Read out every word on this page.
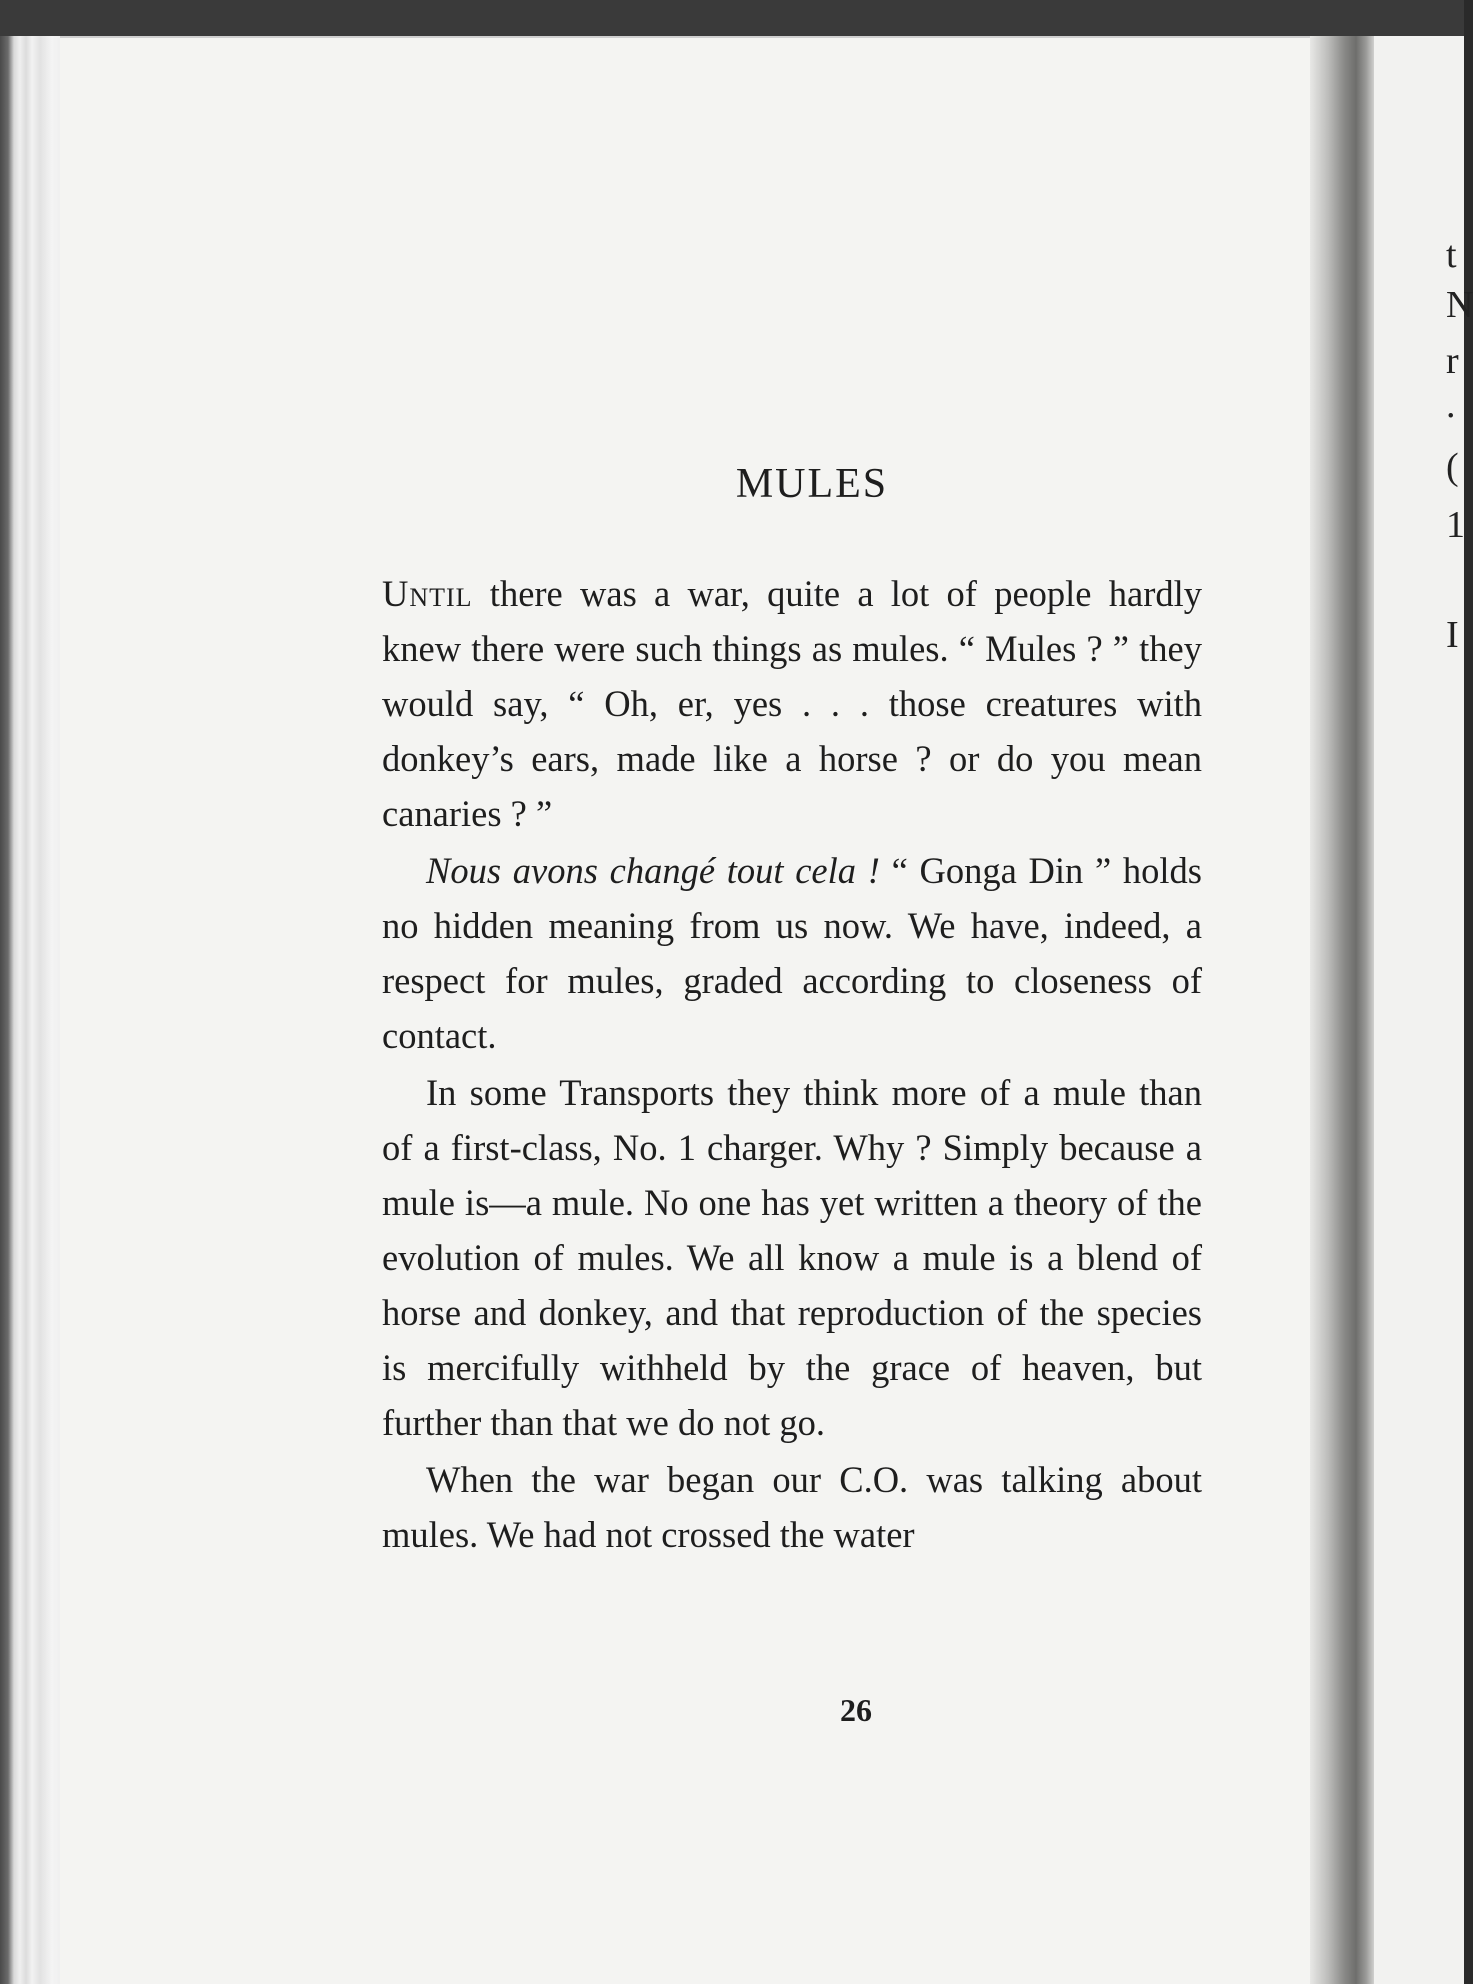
MULES

Until there was a war, quite a lot of people hardly knew there were such things as mules. “ Mules ? ” they would say, “ Oh, er, yes . . . those creatures with donkey’s ears, made like a horse ? or do you mean canaries ? ”

Nous avons changé tout cela ! “ Gonga Din ” holds no hidden meaning from us now. We have, indeed, a respect for mules, graded according to closeness of contact.

In some Transports they think more of a mule than of a first-class, No. 1 charger. Why ? Simply because a mule is—a mule. No one has yet written a theory of the evolution of mules. We all know a mule is a blend of horse and donkey, and that reproduction of the species is mercifully withheld by the grace of heaven, but further than that we do not go.

When the war began our C.O. was talking about mules. We had not crossed the water

26
t
N
r
.
(
1
I
